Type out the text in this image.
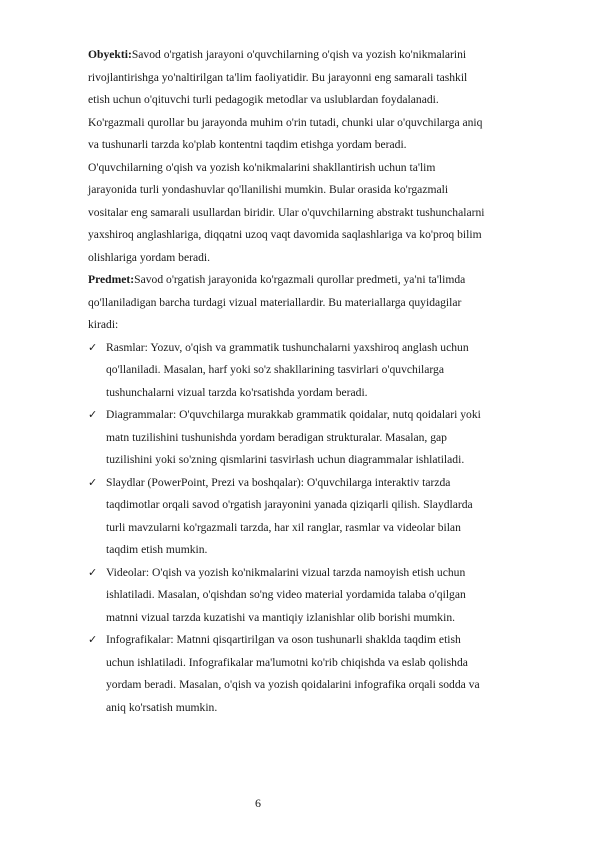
Obyekti:Savod o'rgatish jarayoni o'quvchilarning o'qish va yozish ko'nikmalarini
rivojlantirishga yo'naltirilgan ta'lim faoliyatidir. Bu jarayonni eng samarali tashkil
etish uchun o'qituvchi turli pedagogik metodlar va uslublardan foydalanadi.
Ko'rgazmali qurollar bu jarayonda muhim o'rin tutadi, chunki ular o'quvchilarga aniq
va tushunarli tarzda ko'plab kontentni taqdim etishga yordam beradi.
O'quvchilarning o'qish va yozish ko'nikmalarini shakllantirish uchun ta'lim
jarayonida turli yondashuvlar qo'llanilishi mumkin. Bular orasida ko'rgazmali
vositalar eng samarali usullardan biridir. Ular o'quvchilarning abstrakt tushunchalarni
yaxshiroq anglashlariga, diqqatni uzoq vaqt davomida saqlashlariga va ko'proq bilim
olishlariga yordam beradi.
Predmet:Savod o'rgatish jarayonida ko'rgazmali qurollar predmeti, ya'ni ta'limda
qo'llaniladigan barcha turdagi vizual materiallardir. Bu materiallarga quyidagilar
kiradi:
✓ Rasmlar: Yozuv, o'qish va grammatik tushunchalarni yaxshiroq anglash uchun
qo'llaniladi. Masalan, harf yoki so'z shakllarining tasvirlari o'quvchilarga
tushunchalarni vizual tarzda ko'rsatishda yordam beradi.
✓ Diagrammalar: O'quvchilarga murakkab grammatik qoidalar, nutq qoidalari yoki
matn tuzilishini tushunishda yordam beradigan strukturalar. Masalan, gap
tuzilishini yoki so'zning qismlarini tasvirlash uchun diagrammalar ishlatiladi.
✓ Slaydlar (PowerPoint, Prezi va boshqalar): O'quvchilarga interaktiv tarzda
taqdimotlar orqali savod o'rgatish jarayonini yanada qiziqarli qilish. Slaydlarda
turli mavzularni ko'rgazmali tarzda, har xil ranglar, rasmlar va videolar bilan
taqdim etish mumkin.
✓ Videolar: O'qish va yozish ko'nikmalarini vizual tarzda namoyish etish uchun
ishlatiladi. Masalan, o'qishdan so'ng video material yordamida talaba o'qilgan
matnni vizual tarzda kuzatishi va mantiqiy izlanishlar olib borishi mumkin.
✓ Infografikalar: Matnni qisqartirilgan va oson tushunarli shaklda taqdim etish
uchun ishlatiladi. Infografikalar ma'lumotni ko'rib chiqishda va eslab qolishda
yordam beradi. Masalan, o'qish va yozish qoidalarini infografika orqali sodda va
aniq ko'rsatish mumkin.
6
